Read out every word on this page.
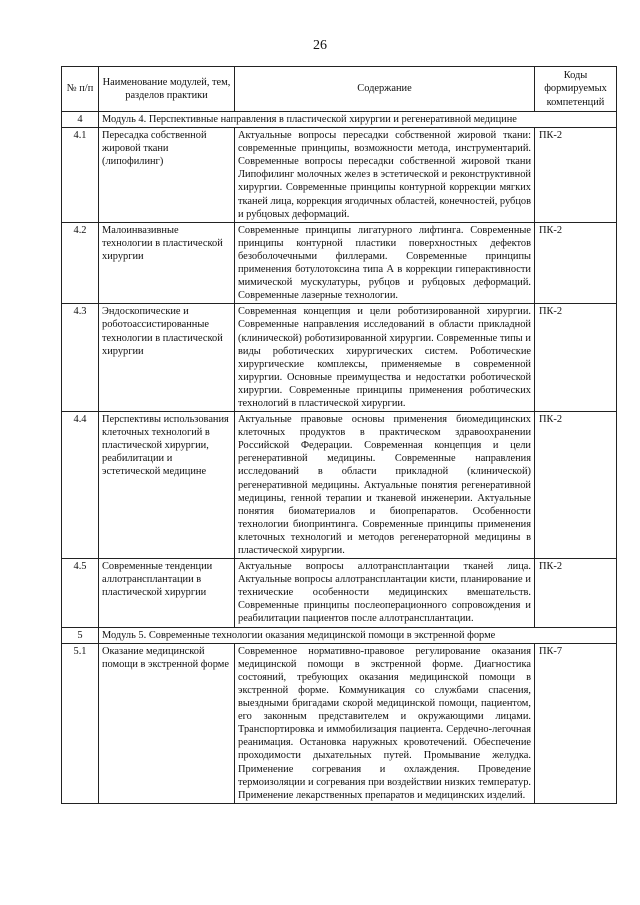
26
№ п/п	Наименование модулей, тем, разделов практики	Содержание	Коды формируемых компетенций
4	Модуль 4. Перспективные направления в пластической хирургии и регенеративной медицине		
4.1	Пересадка собственной жировой ткани (липофилинг)	Актуальные вопросы пересадки собственной жировой ткани: современные принципы, возможности метода, инструментарий. Современные вопросы пересадки собственной жировой ткани Липофилинг молочных желез в эстетической и реконструктивной хирургии. Современные принципы контурной коррекции мягких тканей лица, коррекция ягодичных областей, конечностей, рубцов и рубцовых деформаций.	ПК-2
4.2	Малоинвазивные технологии в пластической хирургии	Современные принципы лигатурного лифтинга. Современные принципы контурной пластики поверхностных дефектов безоболочечными филлерами. Современные принципы применения ботулотоксина типа А в коррекции гиперактивности мимической мускулатуры, рубцов и рубцовых деформаций. Современные лазерные технологии.	ПК-2
4.3	Эндоскопические и роботоассистированные технологии в пластической хирургии	Современная концепция и цели роботизированной хирургии. Современные направления исследований в области прикладной (клинической) роботизированной хирургии. Современные типы и виды роботических хирургических систем. Роботические хирургические комплексы, применяемые в современной хирургии. Основные преимущества и недостатки роботической хирургии. Современные принципы применения роботических технологий в пластической хирургии.	ПК-2
4.4	Перспективы использования клеточных технологий в пластической хирургии, реабилитации и эстетической медицине	Актуальные правовые основы применения биомедицинских клеточных продуктов в практическом здравоохранении Российской Федерации. Современная концепция и цели регенеративной медицины. Современные направления исследований в области прикладной (клинической) регенеративной медицины. Актуальные понятия регенеративной медицины, генной терапии и тканевой инженерии. Актуальные понятия биоматериалов и биопрепаратов. Особенности технологии биопринтинга. Современные принципы применения клеточных технологий и методов регенераторной медицины в пластической хирургии.	ПК-2
4.5	Современные тенденции аллотрансплантации в пластической хирургии	Актуальные вопросы аллотрансплантации тканей лица. Актуальные вопросы аллотрансплантации кисти, планирование и технические особенности медицинских вмешательств. Современные принципы послеоперационного сопровождения и реабилитации пациентов после аллотрансплантации.	ПК-2
5	Модуль 5. Современные технологии оказания медицинской помощи в экстренной форме		
5.1	Оказание медицинской помощи в экстренной форме	Современное нормативно-правовое регулирование оказания медицинской помощи в экстренной форме. Диагностика состояний, требующих оказания медицинской помощи в экстренной форме. Коммуникация со службами спасения, выездными бригадами скорой медицинской помощи, пациентом, его законным представителем и окружающими лицами. Транспортировка и иммобилизация пациента. Сердечно-легочная реанимация. Остановка наружных кровотечений. Обеспечение проходимости дыхательных путей. Промывание желудка. Применение согревания и охлаждения. Проведение термоизоляции и согревания при воздействии низких температур. Применение лекарственных препаратов и медицинских изделий.	ПК-7
